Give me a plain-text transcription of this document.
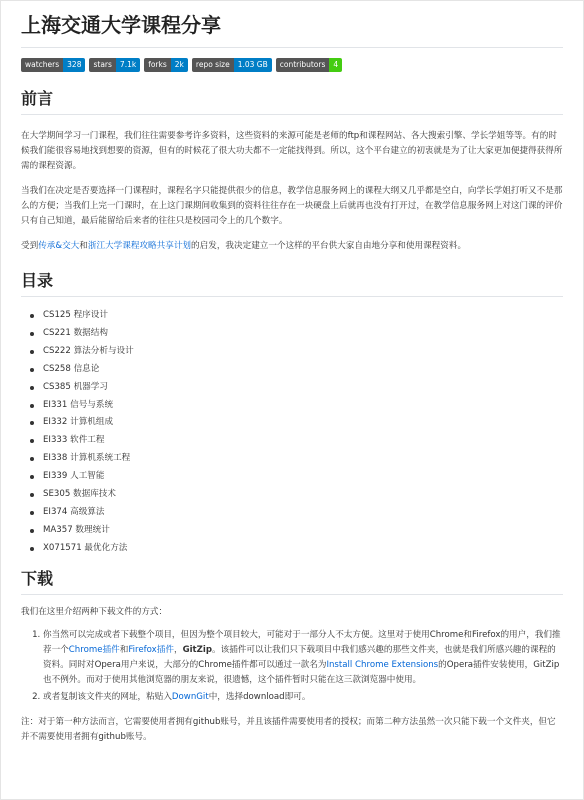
上海交通大学课程分享
watchers	328	stars	7.1k	forks	2k	repo size	1.03 GB	contributors	4
前言

在大学期间学习一门课程，我们往往需要参考许多资料，这些资料的来源可能是老师的ftp和课程网站、各大搜索引擎、学长学姐等等。有的时候我们能很容易地找到想要的资源，但有的时候花了很大功夫都不一定能找得到。所以，这个平台建立的初衷就是为了让大家更加便捷得获得所需的课程资源。

当我们在决定是否要选择一门课程时，课程名字只能提供很少的信息，教学信息服务网上的课程大纲又几乎都是空白，向学长学姐打听又不是那么的方便；当我们上完一门课时，在上这门课期间收集到的资料往往存在一块硬盘上后就再也没有打开过，在教学信息服务网上对这门课的评价只有自己知道，最后能留给后来者的往往只是校园司令上的几个数字。

受到传承&交大和浙江大学课程攻略共享计划的启发，我决定建立一个这样的平台供大家自由地分享和使用课程资料。

目录
CS125 程序设计
CS221 数据结构
CS222 算法分析与设计
CS258 信息论
CS385 机器学习
EI331 信号与系统
EI332 计算机组成
EI333 软件工程
EI338 计算机系统工程
EI339 人工智能
SE305 数据库技术
EI374 高级算法
MA357 数理统计
X071571 最优化方法
下载

我们在这里介绍两种下载文件的方式：

1. 你当然可以完成或者下载整个项目，但因为整个项目较大，可能对于一部分人不太方便。这里对于使用Chrome和Firefox的用户，我们推荐一个Chrome插件和Firefox插件，GitZip。该插件可以让我们只下载项目中我们感兴趣的那些文件夹，也就是我们所感兴趣的课程的资料。同时对Opera用户来说，大部分的Chrome插件都可以通过一款名为Install Chrome Extensions的Opera插件安装使用，GitZip也不例外。而对于使用其他浏览器的朋友来说，很遗憾，这个插件暂时只能在这三款浏览器中使用。
2. 或者复制该文件夹的网址，粘贴入DownGit中，选择download即可。

注：对于第一种方法而言，它需要使用者拥有github账号，并且该插件需要使用者的授权；而第二种方法虽然一次只能下载一个文件夹，但它并不需要使用者拥有github账号。
